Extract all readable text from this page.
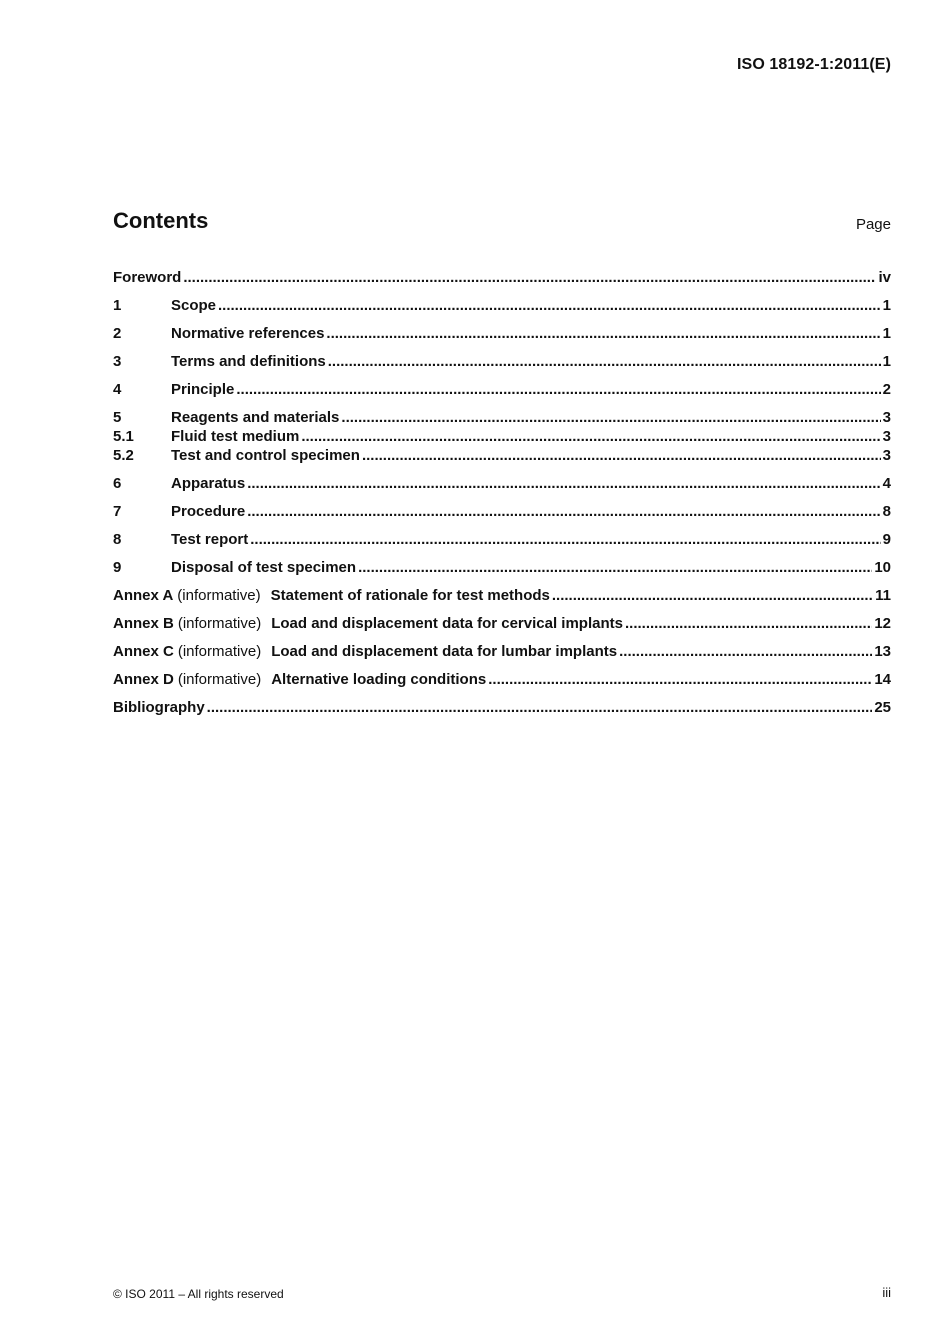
ISO 18192-1:2011(E)
Contents	Page
Foreword .....	iv
1	Scope .....	1
2	Normative references .....	1
3	Terms and definitions .....	1
4	Principle .....	2
5	Reagents and materials .....	3
5.1	Fluid test medium .....	3
5.2	Test and control specimen .....	3
6	Apparatus .....	4
7	Procedure .....	8
8	Test report .....	9
9	Disposal of test specimen .....	10
Annex A (informative) Statement of rationale for test methods .....	11
Annex B (informative) Load and displacement data for cervical implants .....	12
Annex C (informative) Load and displacement data for lumbar implants .....	13
Annex D (informative) Alternative loading conditions .....	14
Bibliography .....	25
© ISO 2011 – All rights reserved	iii
